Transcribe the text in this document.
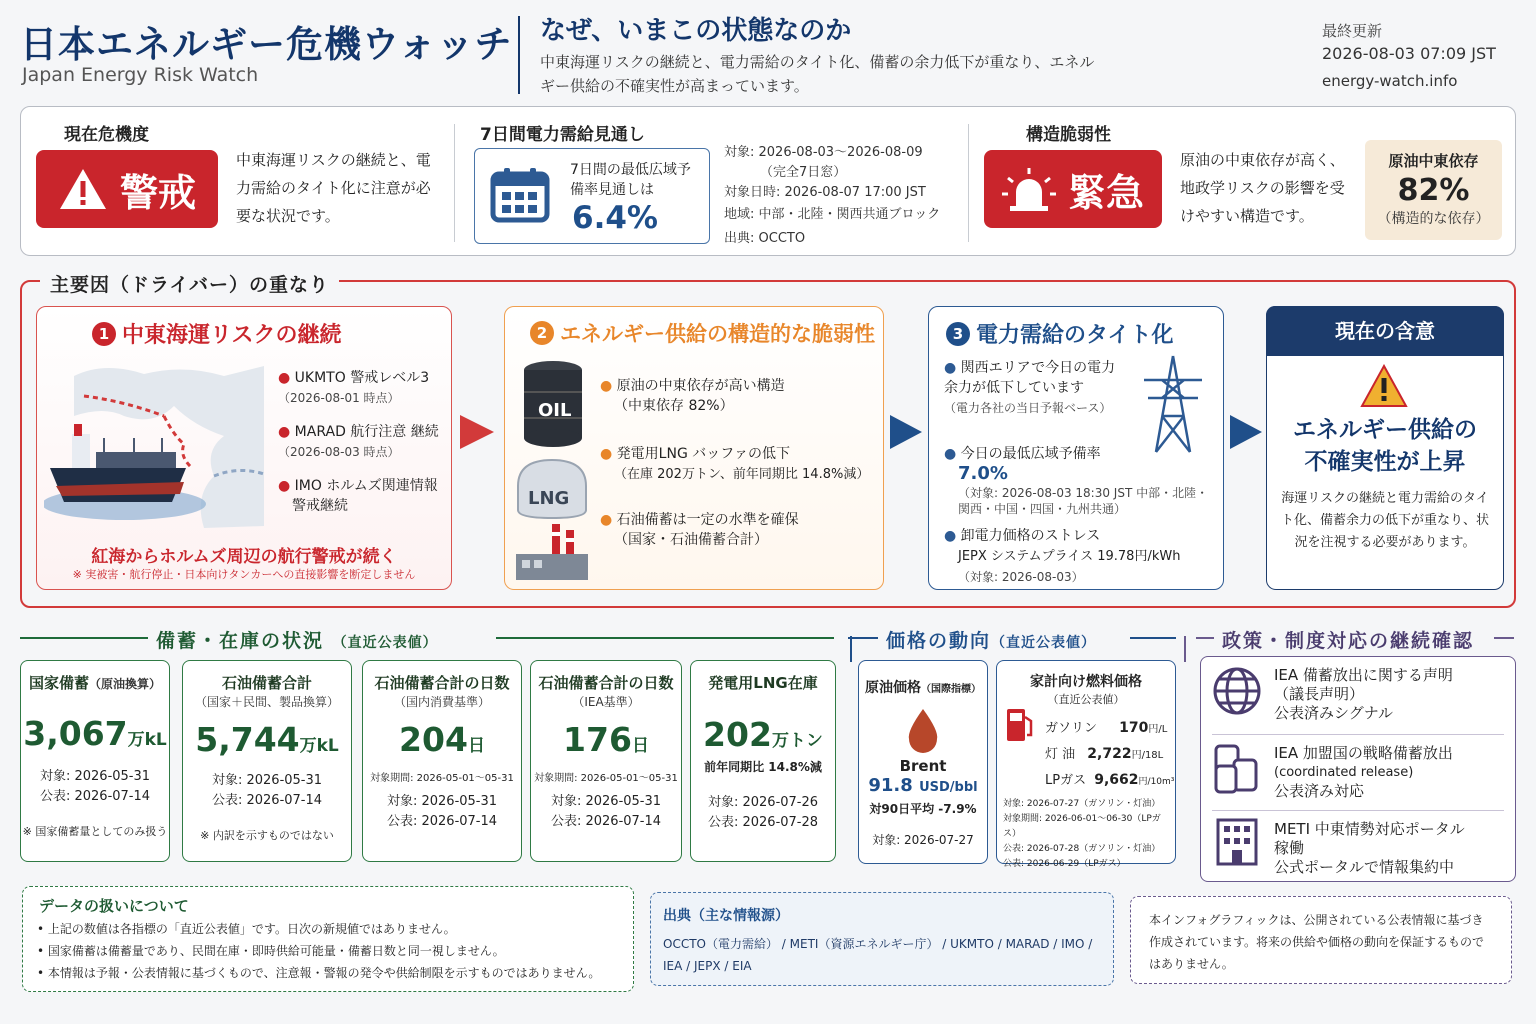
日本エネルギー危機ウォッチ
Japan Energy Risk Watch
なぜ、いまこの状態なのか
中東海運リスクの継続と、電力需給のタイト化、備蓄の余力低下が重なり、エネルギー供給の不確実性が高まっています。
最終更新
2026-08-03 07:09 JST
energy-watch.info
現在危機度
警戒
中東海運リスクの継続と、電力需給のタイト化に注意が必要な状況です。
7日間電力需給見通し
7日間の最低広域予備率見通しは
6.4%
対象: 2026-08-03～2026-08-09
（完全7日窓）
対象日時: 2026-08-07 17:00 JST
地域: 中部・北陸・関西共通ブロック
出典: OCCTO
構造脆弱性
緊急
原油の中東依存が高く、地政学リスクの影響を受けやすい構造です。
原油中東依存
82%
（構造的な依存）
主要因（ドライバー）の重なり
1 中東海運リスクの継続
● UKMTO 警戒レベル3
（2026-08-01 時点）
● MARAD 航行注意 継続
（2026-08-03 時点）
● IMO ホルムズ関連情報
警戒継続
紅海からホルムズ周辺の航行警戒が続く
※ 実被害・航行停止・日本向けタンカーへの直接影響を断定しません
2 エネルギー供給の構造的な脆弱性
OIL
LNG
● 原油の中東依存が高い構造
（中東依存 82%）
● 発電用LNG バッファの低下
（在庫 202万トン、前年同期比 14.8%減）
● 石油備蓄は一定の水準を確保
（国家・石油備蓄合計）
3 電力需給のタイト化
● 関西エリアで今日の電力余力が低下しています
（電力各社の当日予報ベース）
● 今日の最低広域予備率
7.0%

（対象: 2026-08-03 18:30 JST 中部・北陸・関西・中国・四国・九州共通）
● 卸電力価格のストレス
JEPX システムプライス 19.78円/kWh
（対象: 2026-08-03）
現在の含意
エネルギー供給の不確実性が上昇
海運リスクの継続と電力需給のタイト化、備蓄余力の低下が重なり、状況を注視する必要があります。
備蓄・在庫の状況 （直近公表値）
国家備蓄（原油換算）
3,067万kL
対象: 2026-05-31
公表: 2026-07-14
※ 国家備蓄量としてのみ扱う
石油備蓄合計
（国家＋民間、製品換算）
5,744万kL
対象: 2026-05-31
公表: 2026-07-14
※ 内訳を示すものではない
石油備蓄合計の日数
（国内消費基準）
204日
対象期間: 2026-05-01～05-31
対象: 2026-05-31
公表: 2026-07-14
石油備蓄合計の日数
（IEA基準）
176日
対象期間: 2026-05-01～05-31
対象: 2026-05-31
公表: 2026-07-14
発電用LNG在庫
202万トン
前年同期比 14.8%減
対象: 2026-07-26
公表: 2026-07-28
価格の動向（直近公表値）
原油価格（国際指標）
Brent
91.8 USD/bbl
対90日平均 -7.9%
対象: 2026-07-27
家計向け燃料価格
（直近公表値）
ガソリン 170円/L
灯 油 2,722円/18L
LPガス 9,662円/10m³
対象: 2026-07-27（ガソリン・灯油）
対象期間: 2026-06-01～06-30（LPガス）
公表: 2026-07-28（ガソリン・灯油）
公表: 2026-06-29（LPガス）
政策・制度対応の継続確認
IEA 備蓄放出に関する声明
（議長声明）
公表済みシグナル
IEA 加盟国の戦略備蓄放出
(coordinated release)
公表済み対応
METI 中東情勢対応ポータル
稼働
公式ポータルで情報集約中
データの扱いについて
• 上記の数値は各指標の「直近公表値」です。日次の新規値ではありません。
• 国家備蓄は備蓄量であり、民間在庫・即時供給可能量・備蓄日数と同一視しません。
• 本情報は予報・公表情報に基づくもので、注意報・警報の発令や供給制限を示すものではありません。
出典（主な情報源）
OCCTO（電力需給） / METI（資源エネルギー庁） / UKMTO / MARAD / IMO / IEA / JEPX / EIA
本インフォグラフィックは、公開されている公表情報に基づき作成されています。将来の供給や価格の動向を保証するものではありません。
